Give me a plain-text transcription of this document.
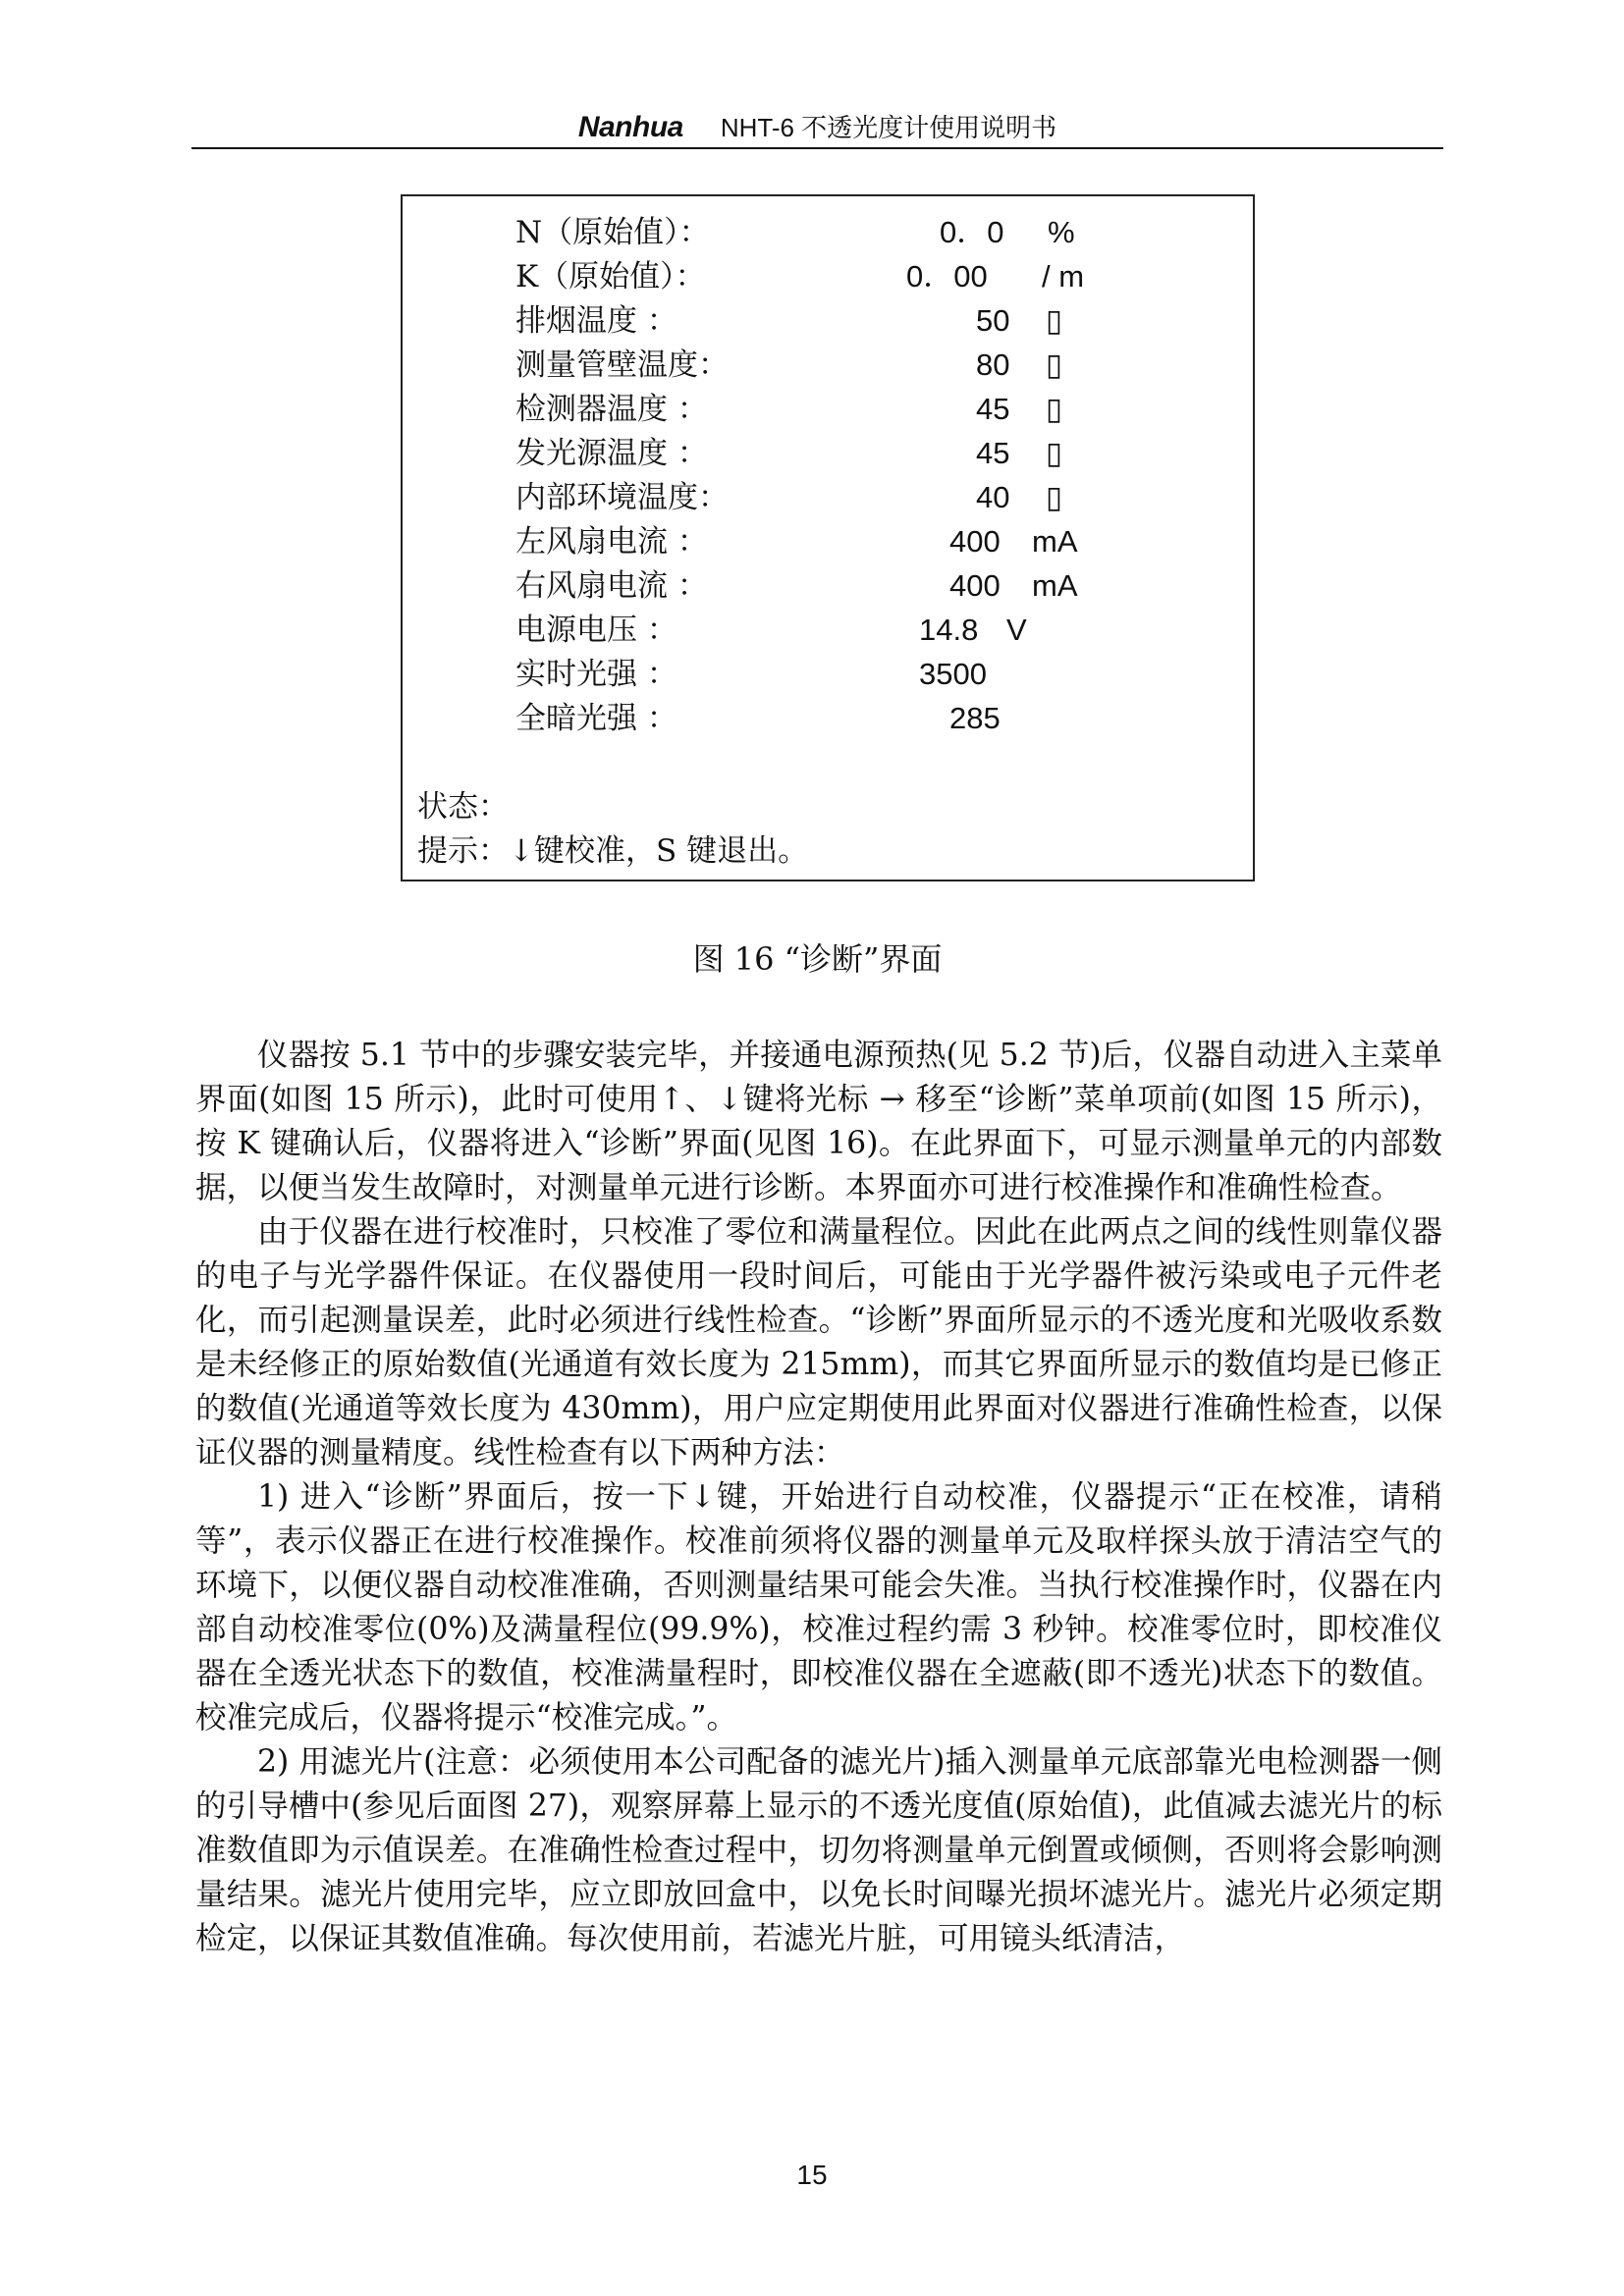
Nanhua NHT-6 不透光度计使用说明书
N（原始值）：	0．0 %
K（原始值）：	0．00 / m
排烟温度 ：	50 ▯
测量管壁温度：	80 ▯
检测器温度 ：	45 ▯
发光源温度 ：	45 ▯
内部环境温度：	40 ▯
左风扇电流 ：	400 mA
右风扇电流 ：	400 mA
电源电压 ：	14.8 V
实时光强 ：	3500
全暗光强 ：	285
状态：
提示：↓键校准，S 键退出。
图 16 “诊断”界面

仪器按 5.1 节中的步骤安装完毕，并接通电源预热(见 5.2 节)后，仪器自动进入主菜单界面(如图 15 所示)，此时可使用↑、↓键将光标 → 移至“诊断”菜单项前(如图 15 所示)，按 K 键确认后，仪器将进入“诊断”界面(见图 16)。在此界面下，可显示测量单元的内部数据，以便当发生故障时，对测量单元进行诊断。本界面亦可进行校准操作和准确性检查。

由于仪器在进行校准时，只校准了零位和满量程位。因此在此两点之间的线性则靠仪器的电子与光学器件保证。在仪器使用一段时间后，可能由于光学器件被污染或电子元件老化，而引起测量误差，此时必须进行线性检查。“诊断”界面所显示的不透光度和光吸收系数是未经修正的原始数值(光通道有效长度为 215mm)，而其它界面所显示的数值均是已修正的数值(光通道等效长度为 430mm)，用户应定期使用此界面对仪器进行准确性检查，以保证仪器的测量精度。线性检查有以下两种方法：

1) 进入“诊断”界面后，按一下↓键，开始进行自动校准，仪器提示“正在校准，请稍等”，表示仪器正在进行校准操作。校准前须将仪器的测量单元及取样探头放于清洁空气的环境下，以便仪器自动校准准确，否则测量结果可能会失准。当执行校准操作时，仪器在内部自动校准零位(0%)及满量程位(99.9%)，校准过程约需 3 秒钟。校准零位时，即校准仪器在全透光状态下的数值，校准满量程时，即校准仪器在全遮蔽(即不透光)状态下的数值。校准完成后，仪器将提示“校准完成。”。

2) 用滤光片(注意：必须使用本公司配备的滤光片)插入测量单元底部靠光电检测器一侧的引导槽中(参见后面图 27)，观察屏幕上显示的不透光度值(原始值)，此值减去滤光片的标准数值即为示值误差。在准确性检查过程中，切勿将测量单元倒置或倾侧，否则将会影响测量结果。滤光片使用完毕，应立即放回盒中，以免长时间曝光损坏滤光片。滤光片必须定期检定，以保证其数值准确。每次使用前，若滤光片脏，可用镜头纸清洁，

15
